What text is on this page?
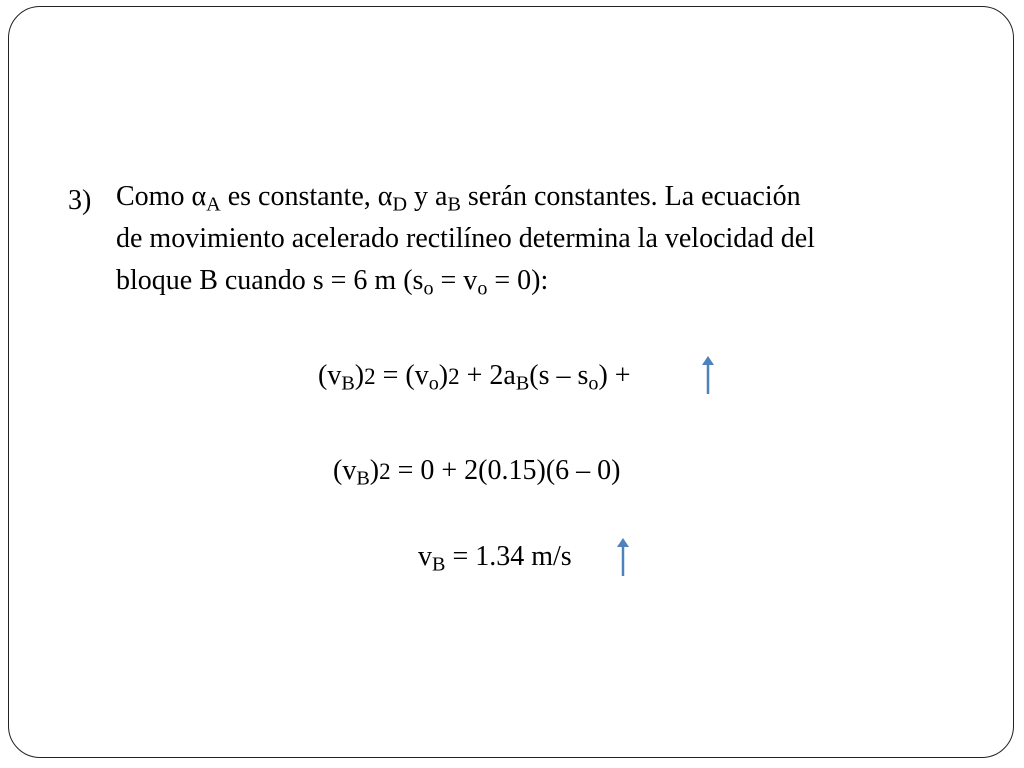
3) Como $\alpha_A$ es constante, $\alpha_D$ y $a_B$ serán constantes. La ecuación
de movimiento acelerado rectilíneo determina la velocidad del
bloque B cuando s = 6 m $(s_o = v_o = 0)$:
$(v_B)2 = (v_o)2 + 2a_B(s - s_o)$ +
$(v_B)2 = 0 + 2(0.15)(6 - 0)$
$v_B = 1.34$ m/s
